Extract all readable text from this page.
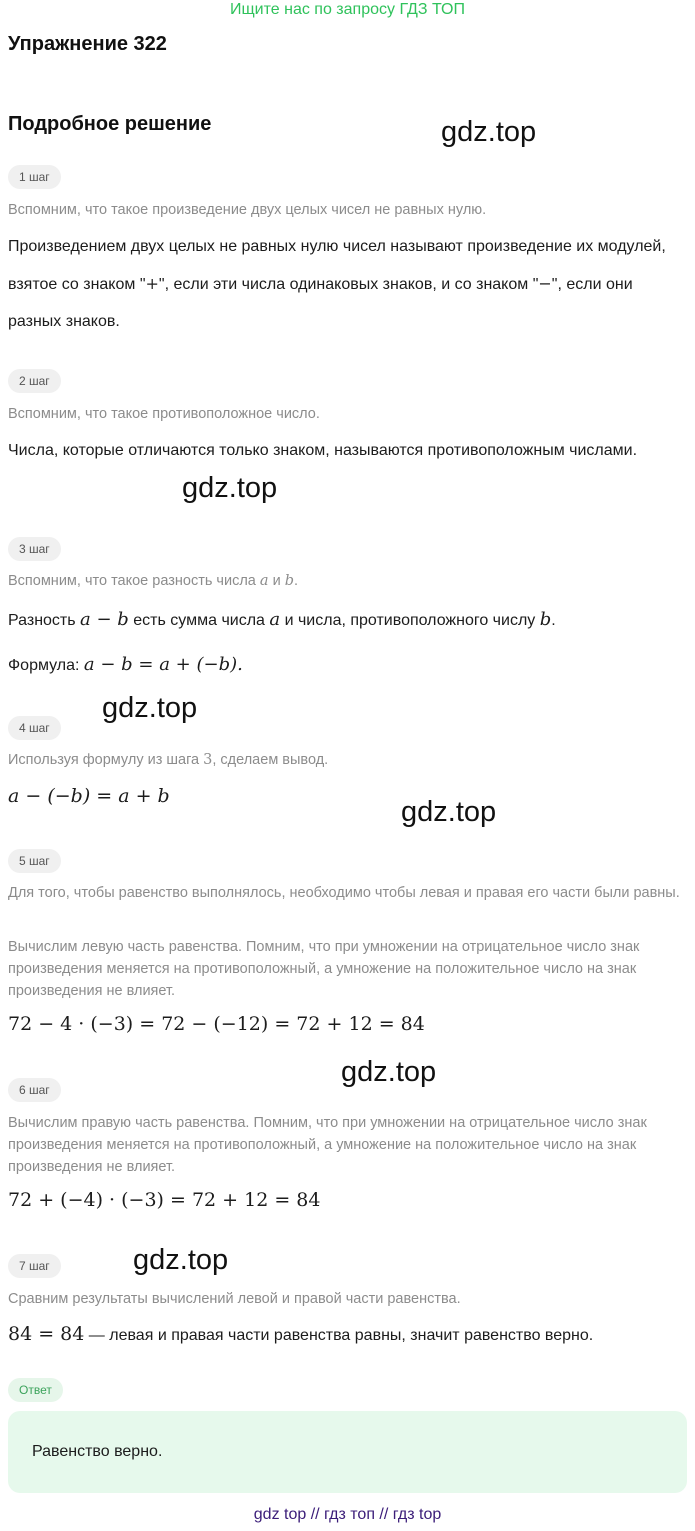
Ищите нас по запросу ГДЗ ТОП
Упражнение 322
Подробное решение	gdz.top
gdz.top
gdz.top
gdz.top
gdz.top
gdz.top
1 шаг
Вспомним, что такое произведение двух целых чисел не равных нулю.
Произведением двух целых не равных нулю чисел называют произведение их модулей, взятое со знаком "+", если эти числа одинаковых знаков, и со знаком "−", если они разных знаков.
2 шаг
Вспомним, что такое противоположное число.
Числа, которые отличаются только знаком, называются противоположным числами.
3 шаг
Вспомним, что такое разность числа a и b.
Разность a − b есть сумма числа a и числа, противоположного числу b.
Формула: a − b = a + (−b).
4 шаг
Используя формулу из шага 3, сделаем вывод.
a − (−b) = a + b
5 шаг
Для того, чтобы равенство выполнялось, необходимо чтобы левая и правая его части были равны.
Вычислим левую часть равенства. Помним, что при умножении на отрицательное число знак произведения меняется на противоположный, а умножение на положительное число на знак произведения не влияет.
72 − 4 · (−3) = 72 − (−12) = 72 + 12 = 84
6 шаг
Вычислим правую часть равенства. Помним, что при умножении на отрицательное число знак произведения меняется на противоположный, а умножение на положительное число на знак произведения не влияет.
72 + (−4) · (−3) = 72 + 12 = 84
7 шаг
Сравним результаты вычислений левой и правой части равенства.
84 = 84 — левая и правая части равенства равны, значит равенство верно.
Ответ
Равенство верно.
gdz top // гдз топ // гдз top
